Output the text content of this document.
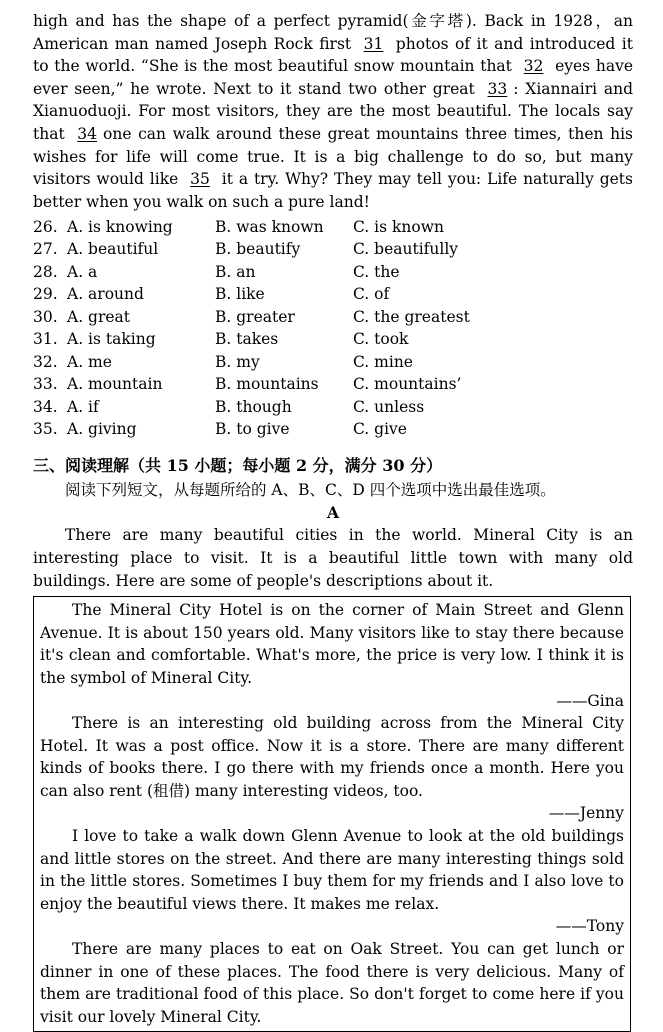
high and has the shape of a perfect pyramid(金字塔). Back in 1928，an American man named Joseph Rock first 31 photos of it and introduced it to the world. “She is the most beautiful snow mountain that 32 eyes have ever seen,” he wrote. Next to it stand two other great 33 : Xiannairi and Xianuoduoji. For most visitors, they are the most beautiful. The locals say that 34 one can walk around these great mountains three times, then his wishes for life will come true. It is a big challenge to do so, but many visitors would like 35 it a try. Why? They may tell you: Life naturally gets better when you walk on such a pure land!

26.	A. is knowing	B. was known	C. is known
27.	A. beautiful	B. beautify	C. beautifully
28.	A. a	B. an	C. the
29.	A. around	B. like	C. of
30.	A. great	B. greater	C. the greatest
31.	A. is taking	B. takes	C. took
32.	A. me	B. my	C. mine
33.	A. mountain	B. mountains	C. mountains’
34.	A. if	B. though	C. unless
35.	A. giving	B. to give	C. give
三、阅读理解（共 15 小题；每小题 2 分，满分 30 分）
阅读下列短文，从每题所给的 A、B、C、D 四个选项中选出最佳选项。
A

There are many beautiful cities in the world. Mineral City is an interesting place to visit. It is a beautiful little town with many old buildings. Here are some of people's descriptions about it.

The Mineral City Hotel is on the corner of Main Street and Glenn Avenue. It is about 150 years old. Many visitors like to stay there because it's clean and comfortable. What's more, the price is very low. I think it is the symbol of Mineral City.

——Gina

There is an interesting old building across from the Mineral City Hotel. It was a post office. Now it is a store. There are many different kinds of books there. I go there with my friends once a month. Here you can also rent (租借) many interesting videos, too.

——Jenny

I love to take a walk down Glenn Avenue to look at the old buildings and little stores on the street. And there are many interesting things sold in the little stores. Sometimes I buy them for my friends and I also love to enjoy the beautiful views there. It makes me relax.

——Tony

There are many places to eat on Oak Street. You can get lunch or dinner in one of these places. The food there is very delicious. Many of them are traditional food of this place. So don't forget to come here if you visit our lovely Mineral City.
